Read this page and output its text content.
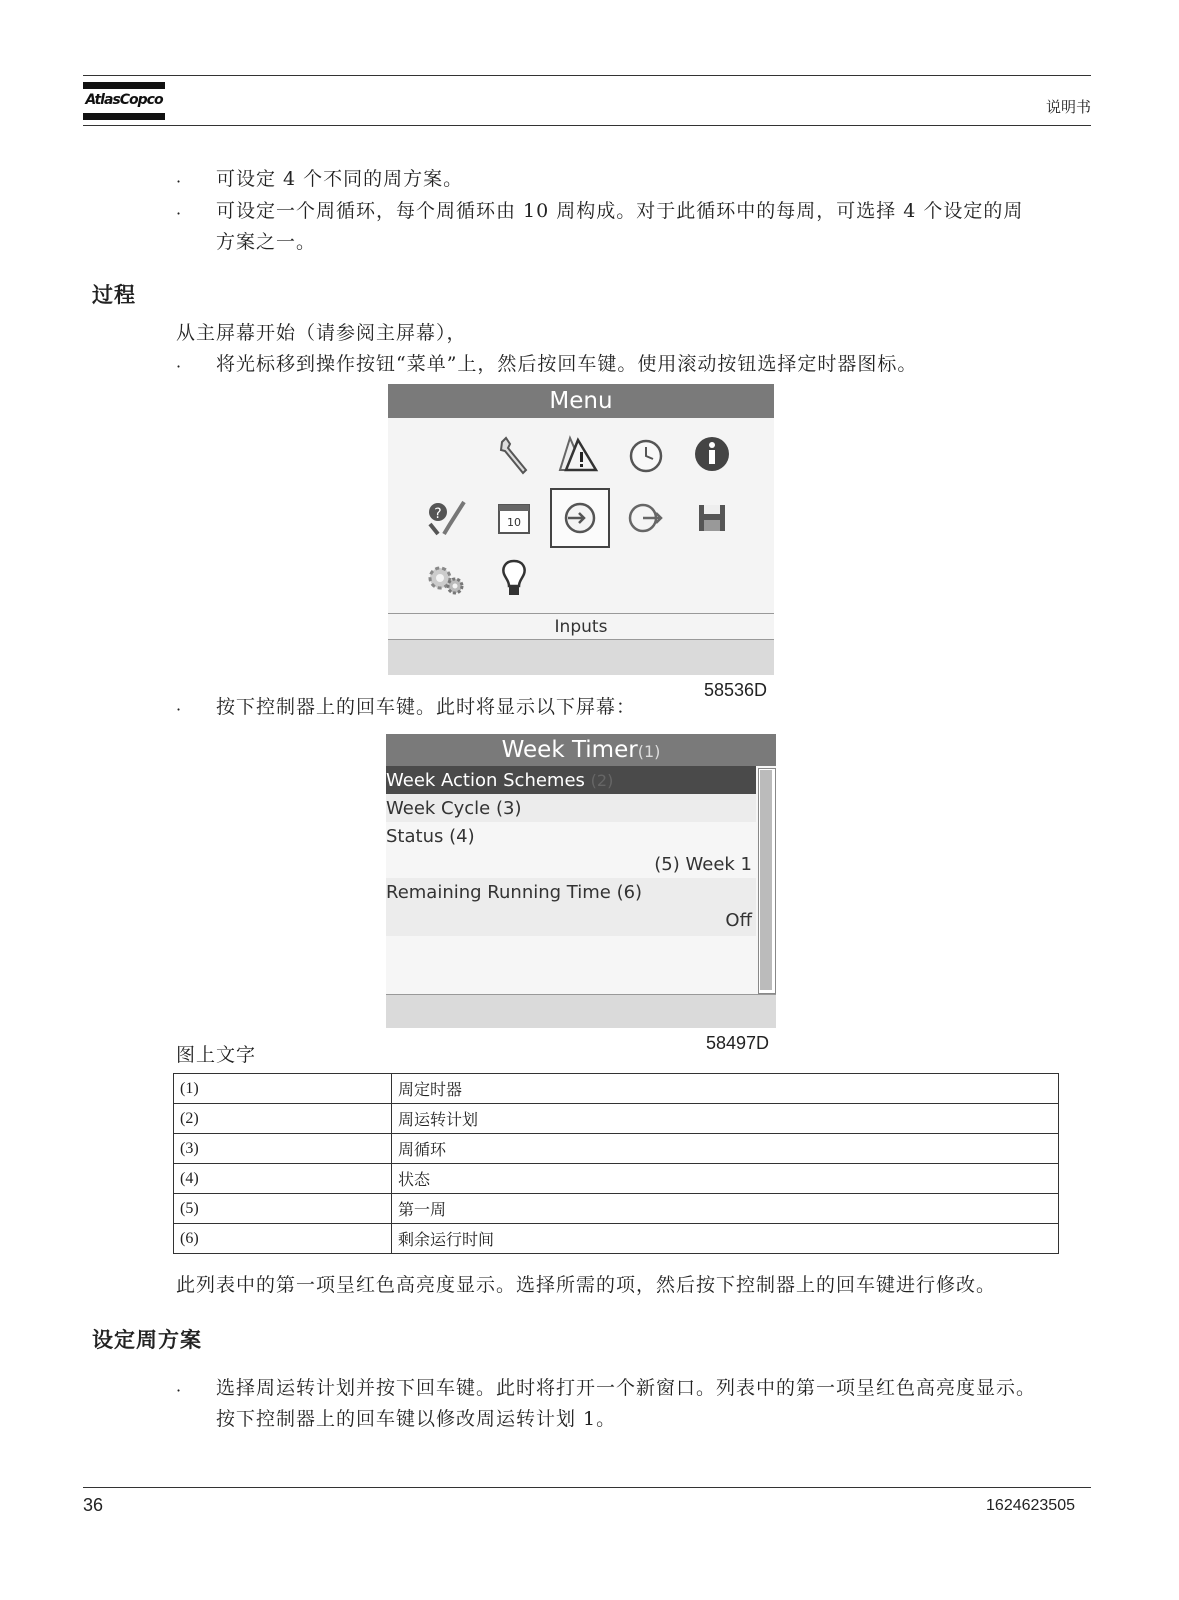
AtlasCopco	说明书
· 可设定 4 个不同的周方案。
· 可设定一个周循环，每个周循环由 10 周构成。对于此循环中的每周，可选择 4 个设定的周
方案之一。
过程
从主屏幕开始（请参阅主屏幕），
· 将光标移到操作按钮“菜单”上，然后按回车键。使用滚动按钮选择定时器图标。
Menu
?
10
Inputs
58536D
· 按下控制器上的回车键。此时将显示以下屏幕：
Week Timer(1)
Week Action Schemes (2)
Week Cycle (3)
Status (4)
(5) Week 1
Remaining Running Time (6)
Off
58497D
图上文字
(1)	周定时器
(2)	周运转计划
(3)	周循环
(4)	状态
(5)	第一周
(6)	剩余运行时间
此列表中的第一项呈红色高亮度显示。选择所需的项，然后按下控制器上的回车键进行修改。
设定周方案
· 选择周运转计划并按下回车键。此时将打开一个新窗口。列表中的第一项呈红色高亮度显示。
按下控制器上的回车键以修改周运转计划 1。
36	1624623505
